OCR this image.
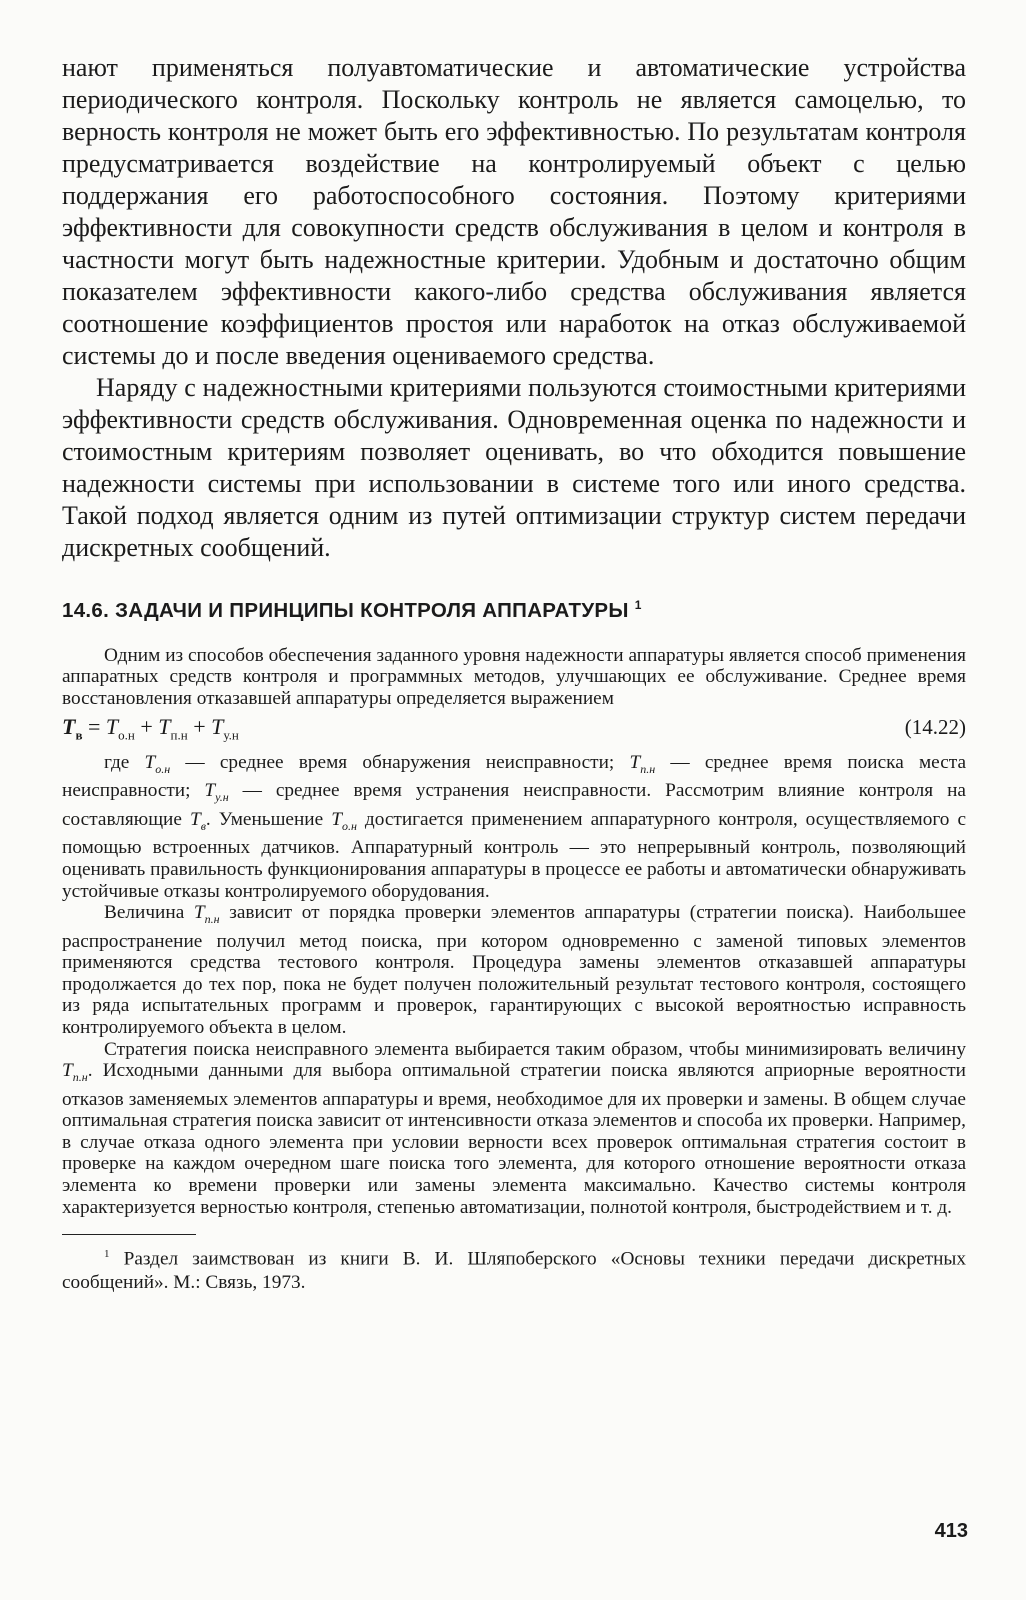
нают применяться полуавтоматические и автоматические устройства периодического контроля. Поскольку контроль не является самоцелью, то верность контроля не может быть его эффективностью. По результатам контроля предусматривается воздействие на контролируемый объект с целью поддержания его работоспособного состояния. Поэтому критериями эффективности для совокупности средств обслуживания в целом и контроля в частности могут быть надежностные критерии. Удобным и достаточно общим показателем эффективности какого-либо средства обслуживания является соотношение коэффициентов простоя или наработок на отказ обслуживаемой системы до и после введения оцениваемого средства.

Наряду с надежностными критериями пользуются стоимостными критериями эффективности средств обслуживания. Одновременная оценка по надежности и стоимостным критериям позволяет оценивать, во что обходится повышение надежности системы при использовании в системе того или иного средства. Такой подход является одним из путей оптимизации структур систем передачи дискретных сообщений.

14.6. ЗАДАЧИ И ПРИНЦИПЫ КОНТРОЛЯ АППАРАТУРЫ $^1$

Одним из способов обеспечения заданного уровня надежности аппаратуры является способ применения аппаратных средств контроля и программных методов, улучшающих ее обслуживание. Среднее время восстановления отказавшей аппаратуры определяется выражением

$T_в = T_{о.н} + T_{п.н} + T_{у.н}$	(14.22)

где $T_{о.н}$ — среднее время обнаружения неисправности; $T_{п.н}$ — среднее время поиска места неисправности; $T_{у.н}$ — среднее время устранения неисправности. Рассмотрим влияние контроля на составляющие $T_в$. Уменьшение $T_{о.н}$ достигается применением аппаратурного контроля, осуществляемого с помощью встроенных датчиков. Аппаратурный контроль — это непрерывный контроль, позволяющий оценивать правильность функционирования аппаратуры в процессе ее работы и автоматически обнаруживать устойчивые отказы контролируемого оборудования.

Величина $T_{п.н}$ зависит от порядка проверки элементов аппаратуры (стратегии поиска). Наибольшее распространение получил метод поиска, при котором одновременно с заменой типовых элементов применяются средства тестового контроля. Процедура замены элементов отказавшей аппаратуры продолжается до тех пор, пока не будет получен положительный результат тестового контроля, состоящего из ряда испытательных программ и проверок, гарантирующих с высокой вероятностью исправность контролируемого объекта в целом.

Стратегия поиска неисправного элемента выбирается таким образом, чтобы минимизировать величину $T_{п.н}$. Исходными данными для выбора оптимальной стратегии поиска являются априорные вероятности отказов заменяемых элементов аппаратуры и время, необходимое для их проверки и замены. В общем случае оптимальная стратегия поиска зависит от интенсивности отказа элементов и способа их проверки. Например, в случае отказа одного элемента при условии верности всех проверок оптимальная стратегия состоит в проверке на каждом очередном шаге поиска того элемента, для которого отношение вероятности отказа элемента ко времени проверки или замены элемента максимально. Качество системы контроля характеризуется верностью контроля, степенью автоматизации, полнотой контроля, быстродействием и т. д.

$^1$ Раздел заимствован из книги В. И. Шляпоберского «Основы техники передачи дискретных сообщений». М.: Связь, 1973.

413
